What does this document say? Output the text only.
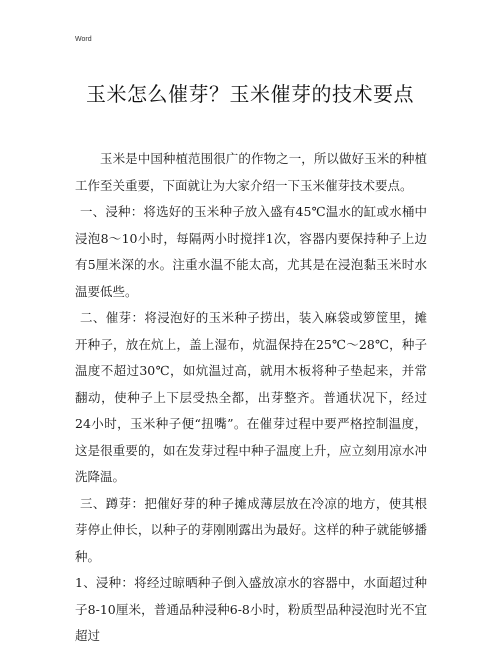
Word
玉米怎么催芽？玉米催芽的技术要点

玉米是中国种植范围很广的作物之一，所以做好玉米的种植工作至关重要，下面就让为大家介绍一下玉米催芽技术要点。

一、浸种：将选好的玉米种子放入盛有45℃温水的缸或水桶中浸泡8～10小时，每隔两小时搅拌1次，容器内要保持种子上边有5厘米深的水。注重水温不能太高，尤其是在浸泡黏玉米时水温要低些。

二、催芽：将浸泡好的玉米种子捞出，装入麻袋或箩筐里，摊开种子，放在炕上，盖上湿布，炕温保持在25℃～28℃，种子温度不超过30℃，如炕温过高，就用木板将种子垫起来，并常翻动，使种子上下层受热全都，出芽整齐。普通状况下，经过24小时，玉米种子便“扭嘴”。在催芽过程中要严格控制温度，这是很重要的，如在发芽过程中种子温度上升，应立刻用凉水冲洗降温。

三、蹲芽：把催好芽的种子摊成薄层放在冷凉的地方，使其根芽停止伸长，以种子的芽刚刚露出为最好。这样的种子就能够播种。

1、浸种：将经过晾晒种子倒入盛放凉水的容器中，水面超过种子8-10厘米，普通品种浸种6-8小时，粉质型品种浸泡时光不宜超过
